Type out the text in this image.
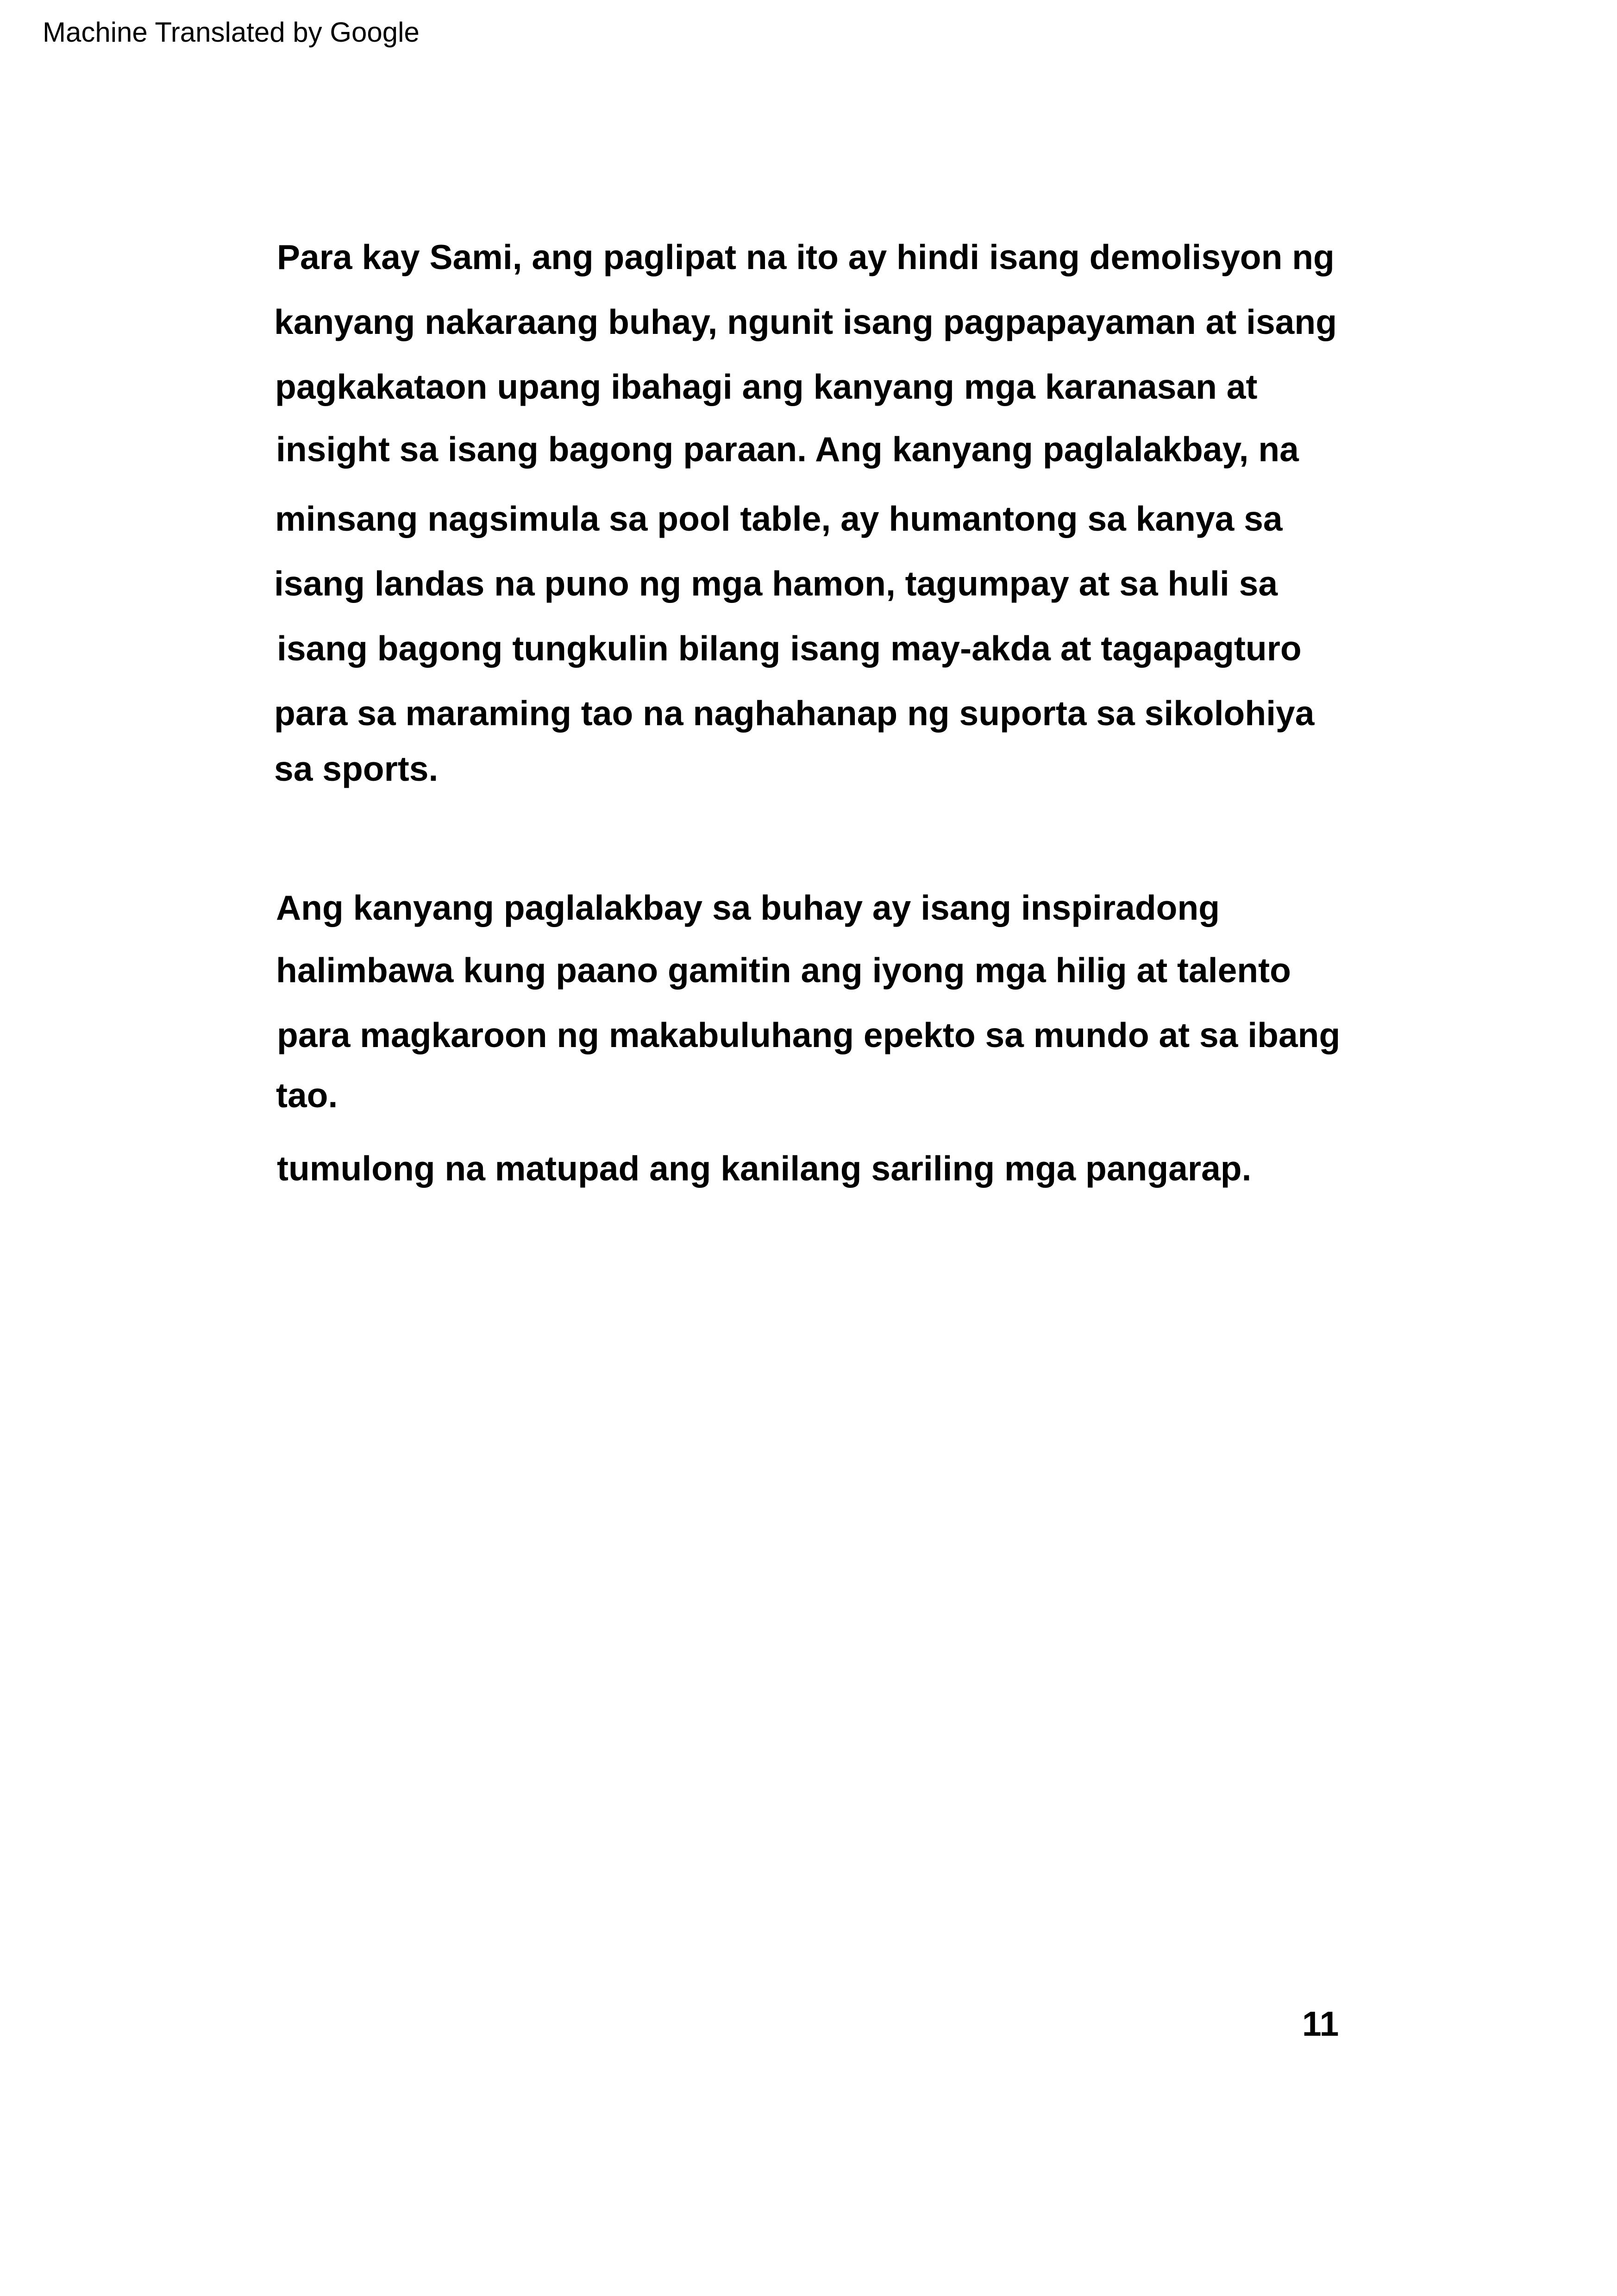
Machine Translated by Google
Para kay Sami, ang paglipat na ito ay hindi isang demolisyon ng
kanyang nakaraang buhay, ngunit isang pagpapayaman at isang
pagkakataon upang ibahagi ang kanyang mga karanasan at
insight sa isang bagong paraan. Ang kanyang paglalakbay, na
minsang nagsimula sa pool table, ay humantong sa kanya sa
isang landas na puno ng mga hamon, tagumpay at sa huli sa
isang bagong tungkulin bilang isang may-akda at tagapagturo
para sa maraming tao na naghahanap ng suporta sa sikolohiya
sa sports.
Ang kanyang paglalakbay sa buhay ay isang inspiradong
halimbawa kung paano gamitin ang iyong mga hilig at talento
para magkaroon ng makabuluhang epekto sa mundo at sa ibang
tao.
tumulong na matupad ang kanilang sariling mga pangarap.
11
